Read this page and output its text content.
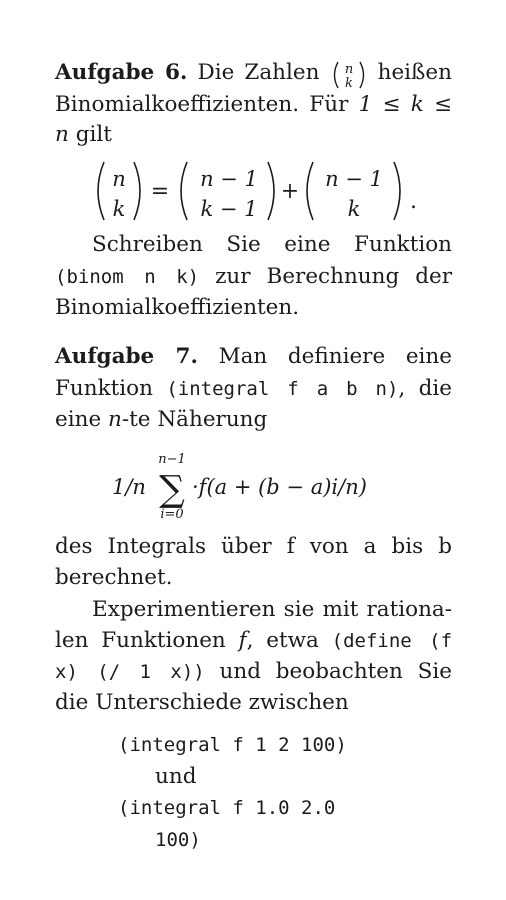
Aufgabe 6. Die Zahlen n
k heißen
Binomialkoeffizienten. Für 1 ≤ k ≤
n gilt
n
k
= n − 1
k − 1
+ n − 1
k .
Schreiben Sie eine Funktion
(binom n k) zur Berechnung der
Binomialkoeffizienten.
Aufgabe 7. Man definiere eine
Funktion (integral f a b n), die
eine n-te Näherung
1/n
n−1
∑
i=0
·f(a + (b − a)i/n)
des Integrals über f von a bis b
berechnet.
Experimentieren sie mit rationa-
len Funktionen f, etwa (define (f
x) (/ 1 x)) und beobachten Sie
die Unterschiede zwischen
(integral f 1 2 100)
und
(integral f 1.0 2.0
100)
